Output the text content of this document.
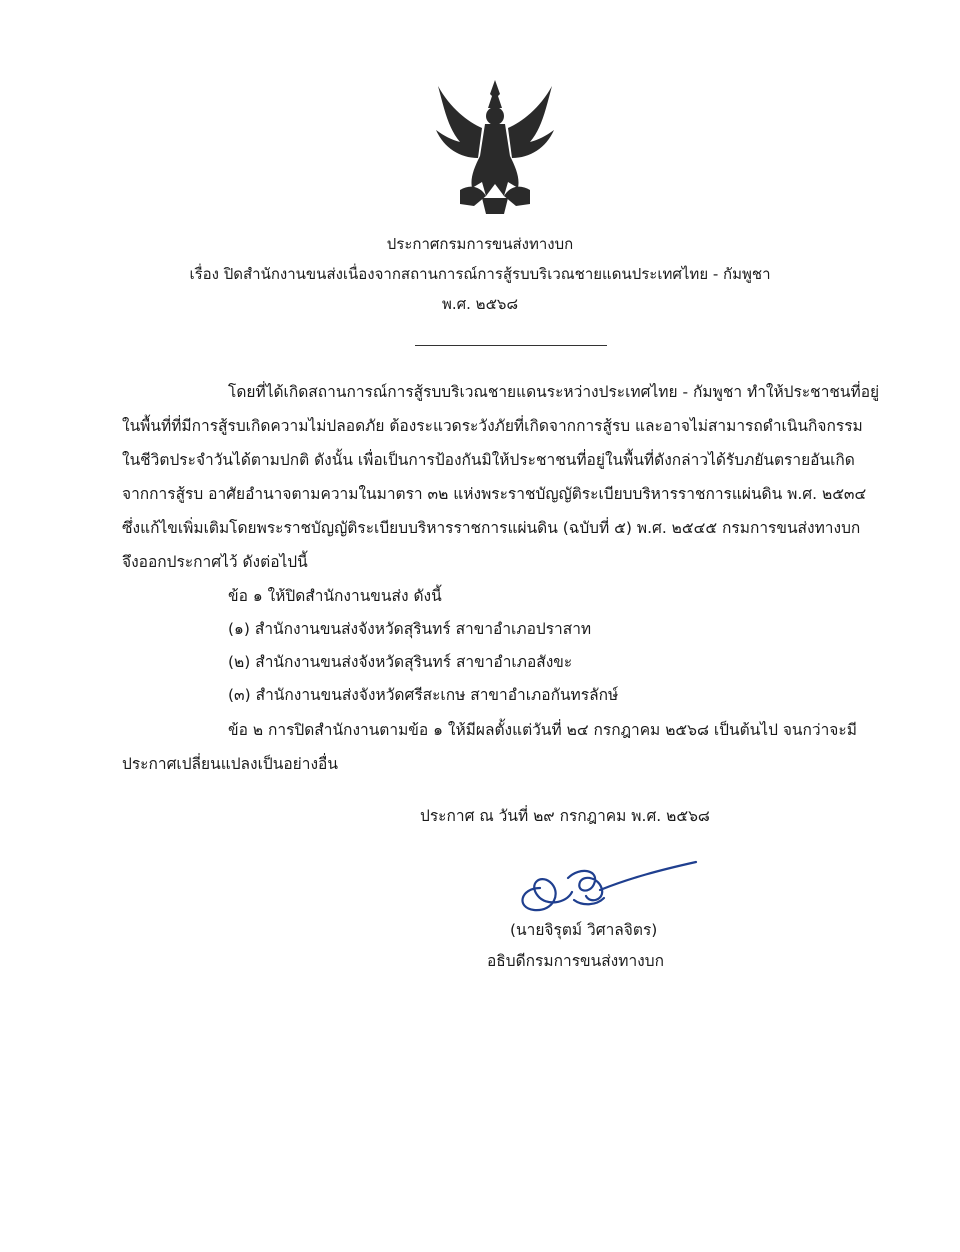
ประกาศกรมการขนส่งทางบก
เรื่อง ปิดสำนักงานขนส่งเนื่องจากสถานการณ์การสู้รบบริเวณชายแดนประเทศไทย - กัมพูชา
พ.ศ. ๒๕๖๘
โดยที่ได้เกิดสถานการณ์การสู้รบบริเวณชายแดนระหว่างประเทศไทย - กัมพูชา ทำให้ประชาชนที่อยู่
ในพื้นที่ที่มีการสู้รบเกิดความไม่ปลอดภัย ต้องระแวดระวังภัยที่เกิดจากการสู้รบ และอาจไม่สามารถดำเนินกิจกรรม
ในชีวิตประจำวันได้ตามปกติ ดังนั้น เพื่อเป็นการป้องกันมิให้ประชาชนที่อยู่ในพื้นที่ดังกล่าวได้รับภยันตรายอันเกิด
จากการสู้รบ อาศัยอำนาจตามความในมาตรา ๓๒ แห่งพระราชบัญญัติระเบียบบริหารราชการแผ่นดิน พ.ศ. ๒๕๓๔
ซึ่งแก้ไขเพิ่มเติมโดยพระราชบัญญัติระเบียบบริหารราชการแผ่นดิน (ฉบับที่ ๕) พ.ศ. ๒๕๔๕ กรมการขนส่งทางบก
จึงออกประกาศไว้ ดังต่อไปนี้
ข้อ ๑ ให้ปิดสำนักงานขนส่ง ดังนี้
(๑) สำนักงานขนส่งจังหวัดสุรินทร์ สาขาอำเภอปราสาท
(๒) สำนักงานขนส่งจังหวัดสุรินทร์ สาขาอำเภอสังขะ
(๓) สำนักงานขนส่งจังหวัดศรีสะเกษ สาขาอำเภอกันทรลักษ์
ข้อ ๒ การปิดสำนักงานตามข้อ ๑ ให้มีผลตั้งแต่วันที่ ๒๔ กรกฎาคม ๒๕๖๘ เป็นต้นไป จนกว่าจะมี
ประกาศเปลี่ยนแปลงเป็นอย่างอื่น
ประกาศ ณ วันที่ ๒๙ กรกฎาคม พ.ศ. ๒๕๖๘
(นายจิรุตม์ วิศาลจิตร)
อธิบดีกรมการขนส่งทางบก
